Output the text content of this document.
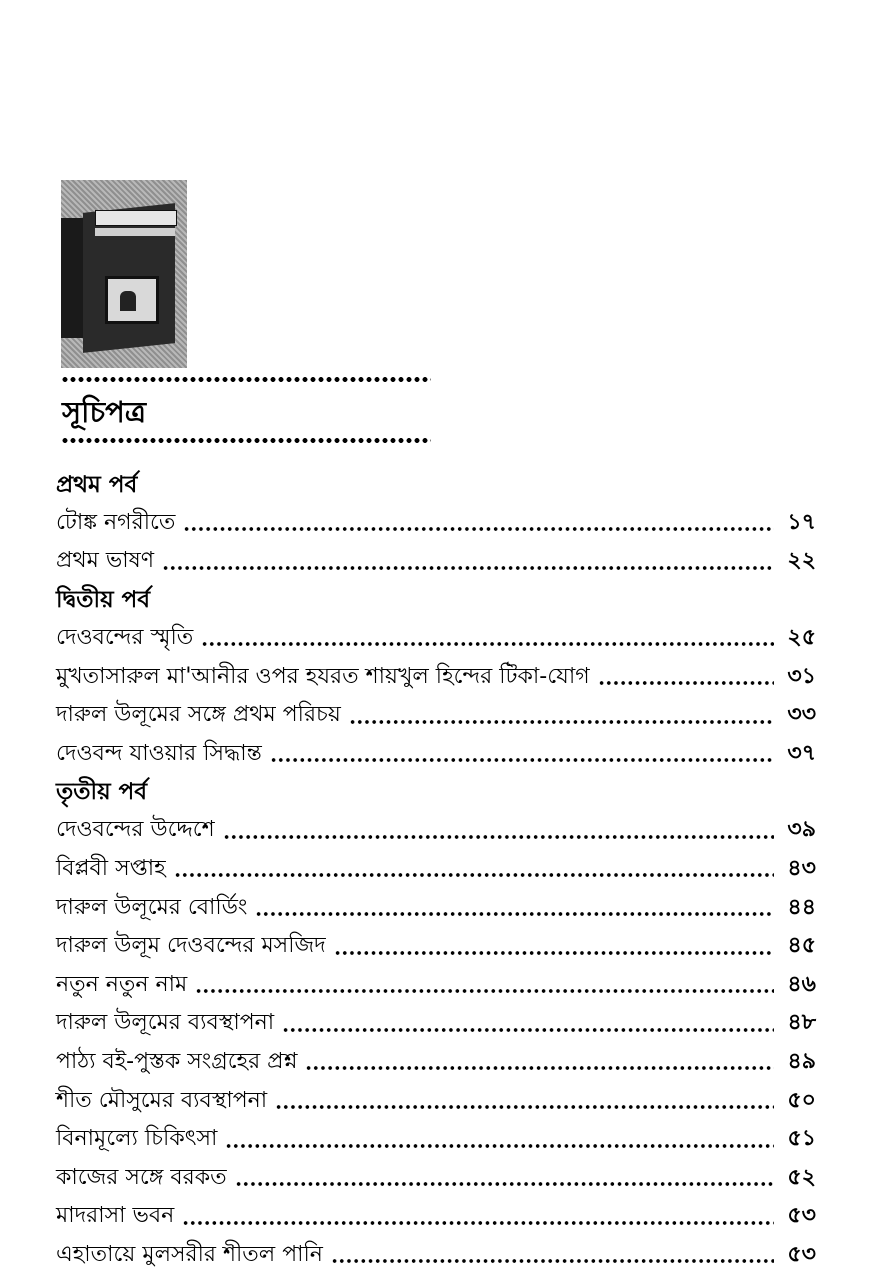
সূচিপত্র
প্রথম পর্ব
টোঙ্ক নগরীতে	১৭
প্রথম ভাষণ	২২
দ্বিতীয় পর্ব
দেওবন্দের স্মৃতি	২৫
মুখতাসারুল মা'আনীর ওপর হযরত শায়খুল হিন্দের টিকা-যোগ	৩১
দারুল উলূমের সঙ্গে প্রথম পরিচয়	৩৩
দেওবন্দ যাওয়ার সিদ্ধান্ত	৩৭
তৃতীয় পর্ব
দেওবন্দের উদ্দেশে	৩৯
বিপ্লবী সপ্তাহ	৪৩
দারুল উলূমের বোর্ডিং	৪৪
দারুল উলূম দেওবন্দের মসজিদ	৪৫
নতুন নতুন নাম	৪৬
দারুল উলূমের ব্যবস্থাপনা	৪৮
পাঠ্য বই-পুস্তক সংগ্রহের প্রশ্ন	৪৯
শীত মৌসুমের ব্যবস্থাপনা	৫০
বিনামূল্যে চিকিৎসা	৫১
কাজের সঙ্গে বরকত	৫২
মাদরাসা ভবন	৫৩
এহাতায়ে মুলসরীর শীতল পানি	৫৩
